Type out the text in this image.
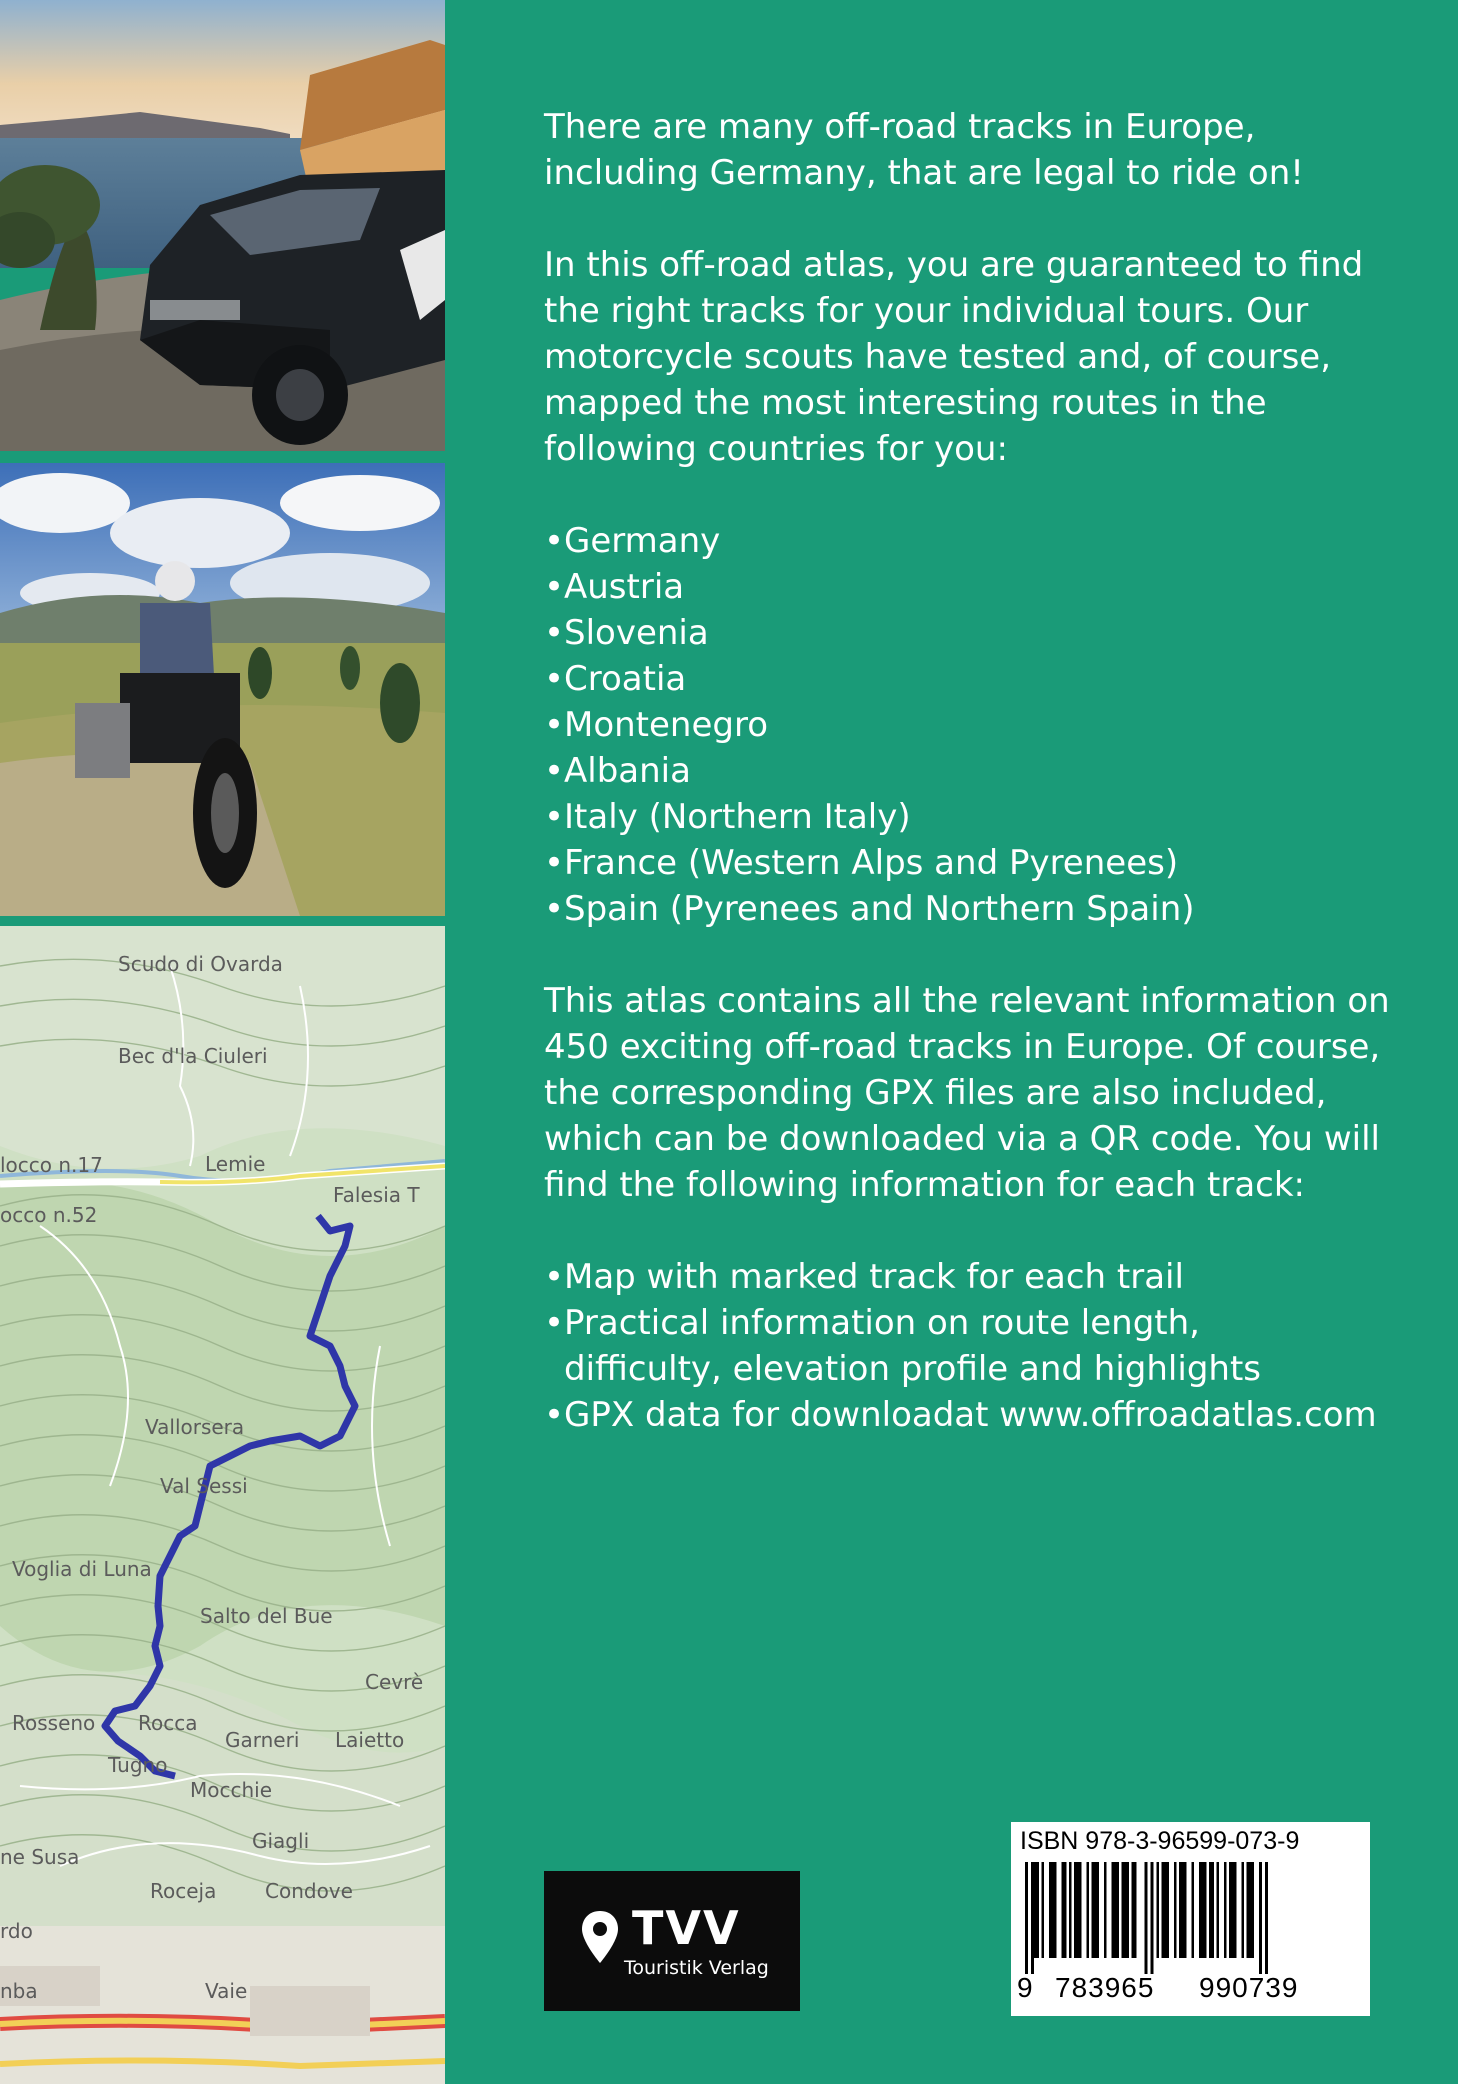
Scudo di Ovarda
Bec d'la Ciuleri
Lemie
locco n.17
occo n.52
Falesia T
Vallorsera
Val Sessi
Voglia di Luna
Salto del Bue
Cevrè
Rosseno Rocca
Garneri Laietto
Tugno
Mocchie
Giagli
ne Susa
Roceja Condove
rdo
Vaie
nba

There are many off-road tracks in Europe, including Germany, that are legal to ride on!

In this off-road atlas, you are guaranteed to find the right tracks for your individual tours. Our motorcycle scouts have tested and, of course, mapped the most interesting routes in the following countries for you:

•Germany
•Austria
•Slovenia
•Croatia
•Montenegro
•Albania
•Italy (Northern Italy)
•France (Western Alps and Pyrenees)
•Spain (Pyrenees and Northern Spain)

This atlas contains all the relevant information on 450 exciting off-road tracks in Europe. Of course, the corresponding GPX files are also included, which can be downloaded via a QR code. You will find the following information for each track:

•Map with marked track for each trail
•Practical information on route length,
difficulty, elevation profile and highlights
•GPX data for downloadat www.offroadatlas.com
TVV
Touristik Verlag
ISBN 978-3-96599-073-9
9 783965 990739
